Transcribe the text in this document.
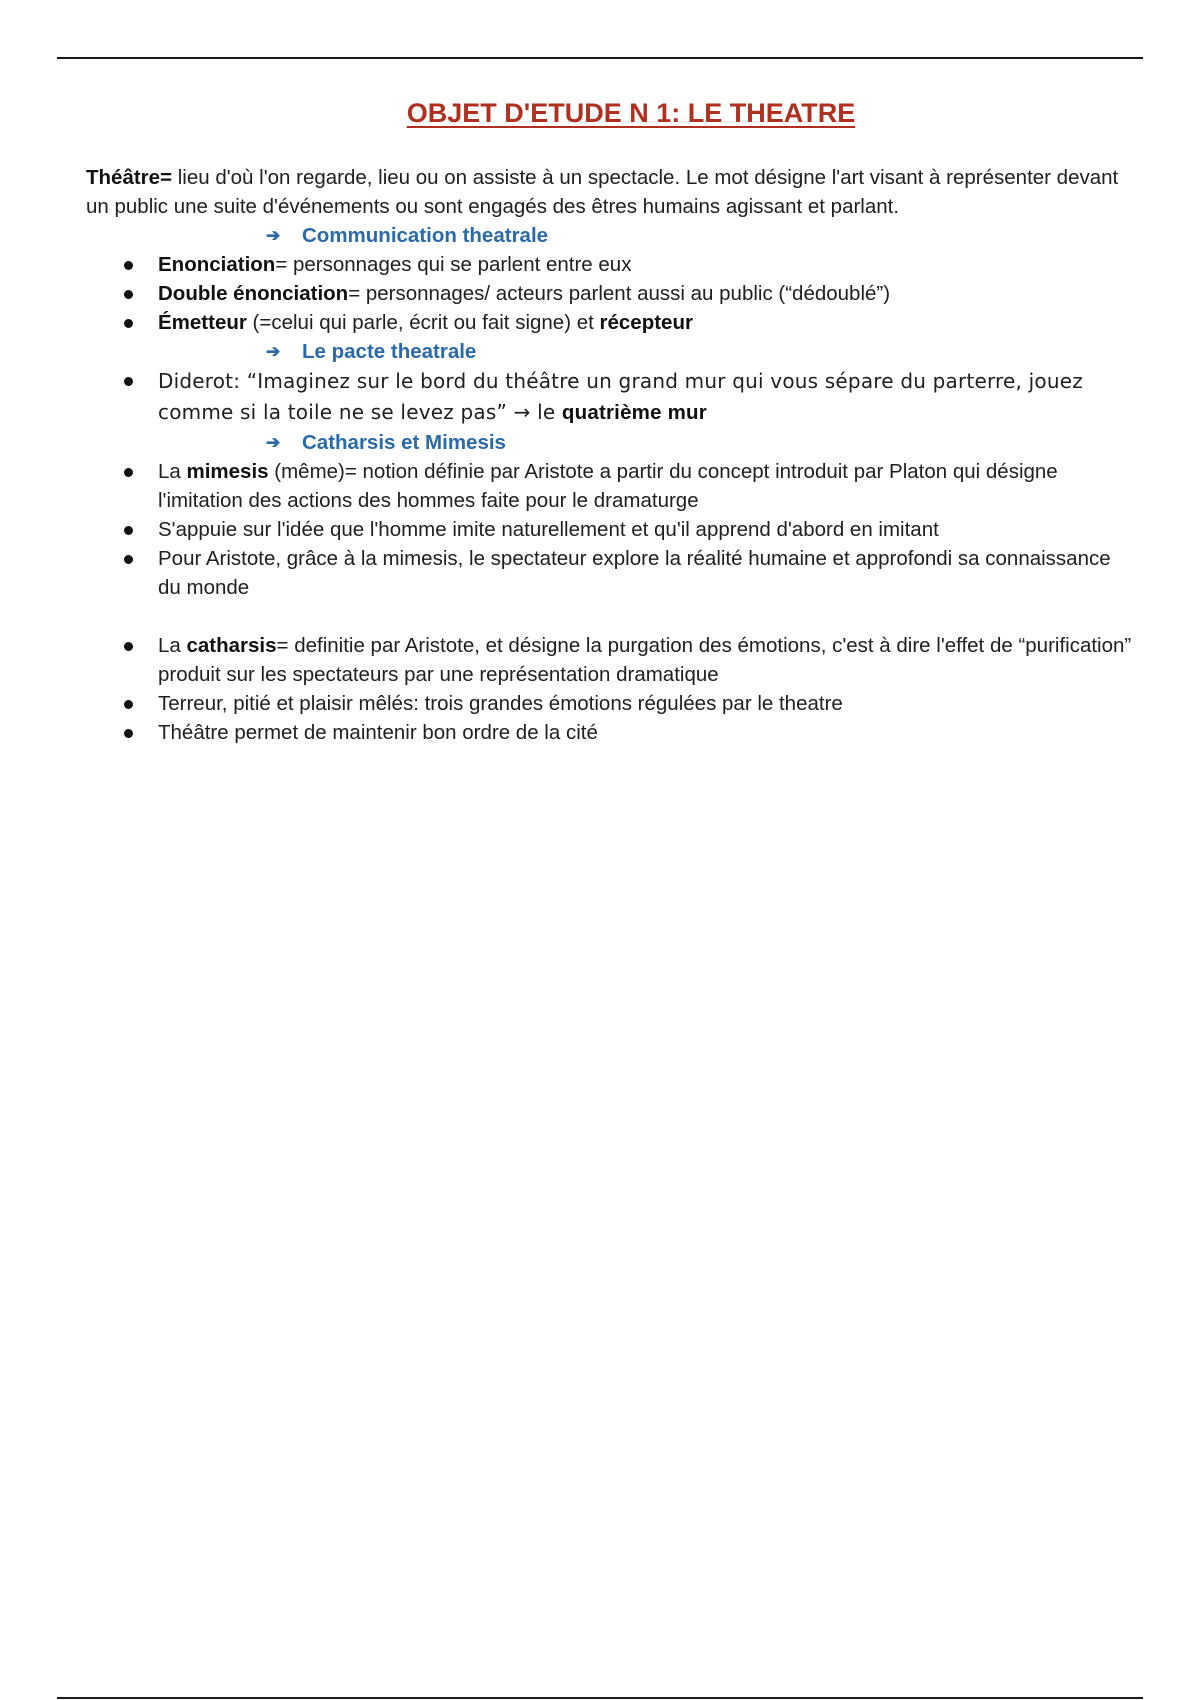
OBJET D'ETUDE N 1: LE THEATRE

Théâtre= lieu d'où l'on regarde, lieu ou on assiste à un spectacle. Le mot désigne l'art visant à représenter devant un public une suite d'événements ou sont engagés des êtres humains agissant et parlant.

➔	Communication theatrale
Enonciation= personnages qui se parlent entre eux
Double énonciation= personnages/ acteurs parlent aussi au public (“dédoublé”)
Émetteur (=celui qui parle, écrit ou fait signe) et récepteur
➔	Le pacte theatrale
Diderot: “Imaginez sur le bord du théâtre un grand mur qui vous sépare du parterre, jouez comme si la toile ne se levez pas” → le quatrième mur
➔	Catharsis et Mimesis
La mimesis (même)= notion définie par Aristote a partir du concept introduit par Platon qui désigne l'imitation des actions des hommes faite pour le dramaturge
S'appuie sur l'idée que l'homme imite naturellement et qu'il apprend d'abord en imitant
Pour Aristote, grâce à la mimesis, le spectateur explore la réalité humaine et approfondi sa connaissance du monde
La catharsis= definitie par Aristote, et désigne la purgation des émotions, c'est à dire l'effet de “purification” produit sur les spectateurs par une représentation dramatique
Terreur, pitié et plaisir mêlés: trois grandes émotions régulées par le theatre
Théâtre permet de maintenir bon ordre de la cité
